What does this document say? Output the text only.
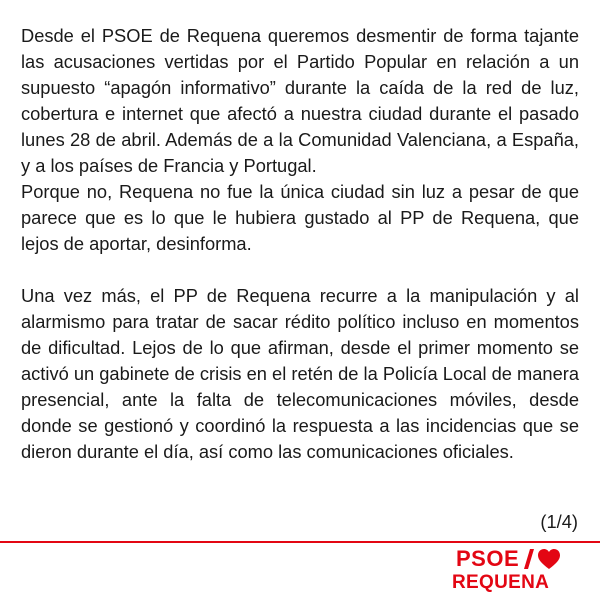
Desde el PSOE de Requena queremos desmentir de forma tajante las acusaciones vertidas por el Partido Popular en relación a un supuesto “apagón informativo” durante la caída de la red de luz, cobertura e internet que afectó a nuestra ciudad durante el pasado lunes 28 de abril. Además de a la Comunidad Valenciana, a España, y a los países de Francia y Portugal.

Porque no, Requena no fue la única ciudad sin luz a pesar de que parece que es lo que le hubiera gustado al PP de Requena, que lejos de aportar, desinforma.

Una vez más, el PP de Requena recurre a la manipulación y al alarmismo para tratar de sacar rédito político incluso en momentos de dificultad. Lejos de lo que afirman, desde el primer momento se activó un gabinete de crisis en el retén de la Policía Local de manera presencial, ante la falta de telecomunicaciones móviles, desde donde se gestionó y coordinó la respuesta a las incidencias que se dieron durante el día, así como las comunicaciones oficiales.

(1/4)
PSOE
REQUENA
